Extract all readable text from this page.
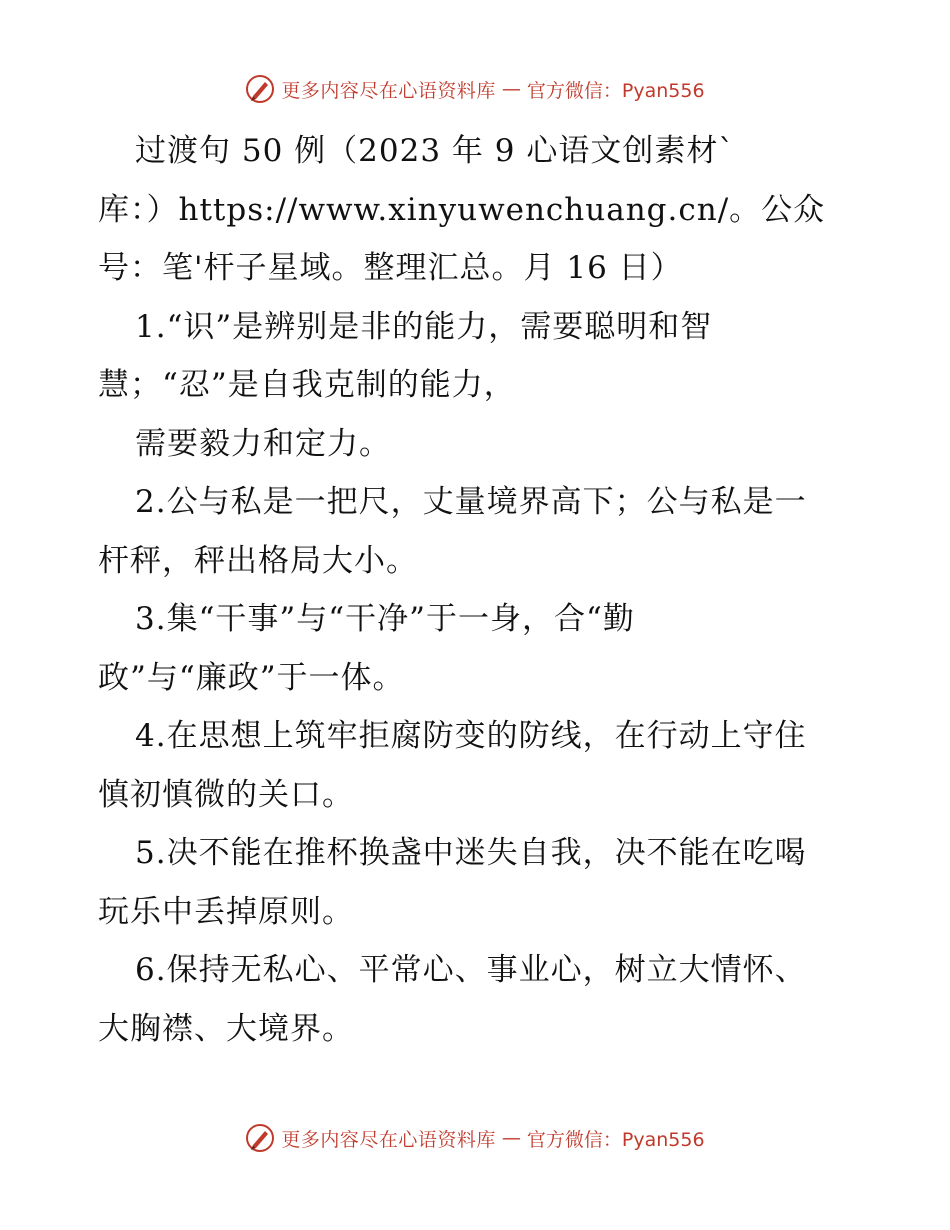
更多内容尽在心语资料库 — 官方微信：Pyan556
过渡句 50 例（2023 年 9 心语文创素材`
库：）https://www.xinyuwenchuang.cn/。公众
号：笔'杆子星域。整理汇总。月 16 日）
1.“识”是辨别是非的能力，需要聪明和智
慧；“忍”是自我克制的能力，
需要毅力和定力。
2.公与私是一把尺，丈量境界高下；公与私是一
杆秤，秤出格局大小。
3.集“干事”与“干净”于一身，合“勤
政”与“廉政”于一体。
4.在思想上筑牢拒腐防变的防线，在行动上守住
慎初慎微的关口。
5.决不能在推杯换盏中迷失自我，决不能在吃喝
玩乐中丢掉原则。
6.保持无私心、平常心、事业心，树立大情怀、
大胸襟、大境界。
更多内容尽在心语资料库 — 官方微信：Pyan556
